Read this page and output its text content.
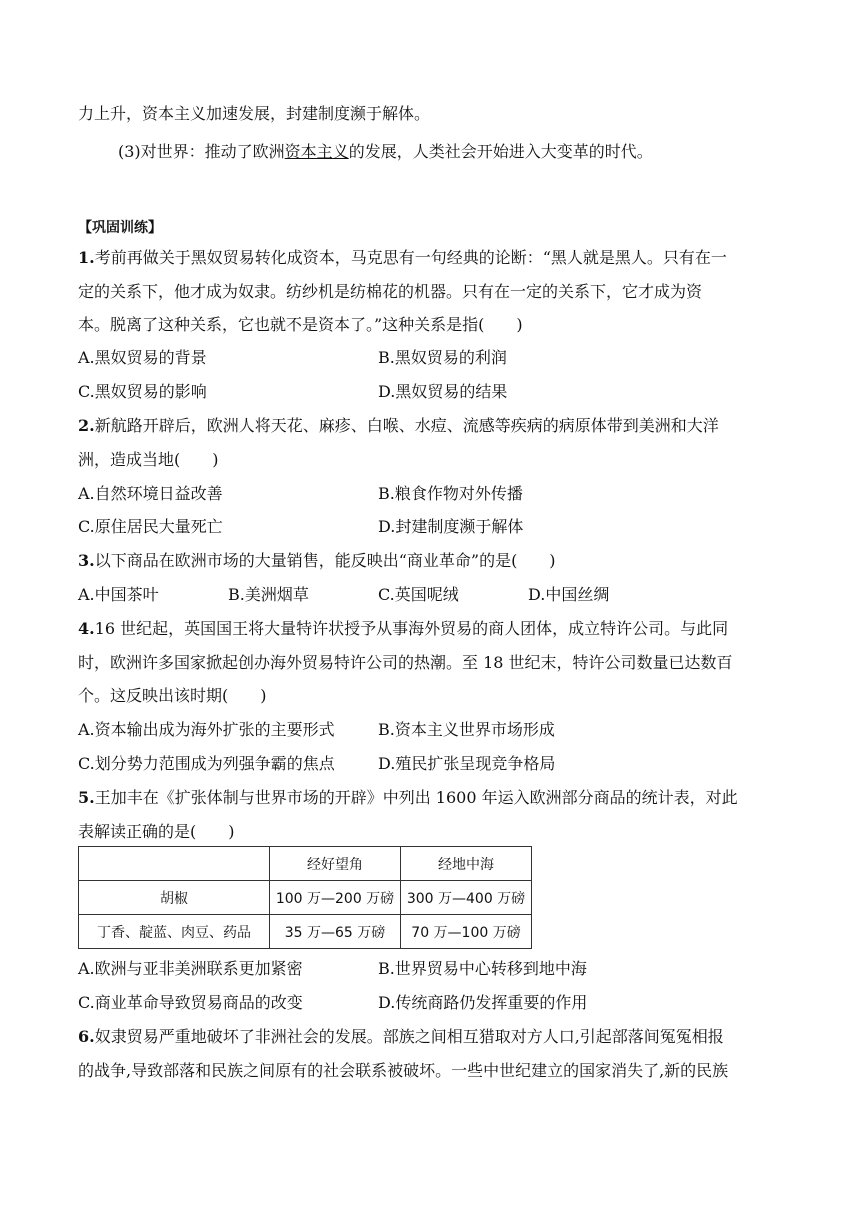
力上升，资本主义加速发展，封建制度濒于解体。
(3)对世界：推动了欧洲资本主义的发展，人类社会开始进入大变革的时代。
【巩固训练】
1.考前再做关于黑奴贸易转化成资本，马克思有一句经典的论断：“黑人就是黑人。只有在一
定的关系下，他才成为奴隶。纺纱机是纺棉花的机器。只有在一定的关系下，它才成为资
本。脱离了这种关系，它也就不是资本了。”这种关系是指(　　)
A.黑奴贸易的背景	B.黑奴贸易的利润
C.黑奴贸易的影响	D.黑奴贸易的结果
2.新航路开辟后，欧洲人将天花、麻疹、白喉、水痘、流感等疾病的病原体带到美洲和大洋
洲，造成当地(　　)
A.自然环境日益改善	B.粮食作物对外传播
C.原住居民大量死亡	D.封建制度濒于解体
3.以下商品在欧洲市场的大量销售，能反映出“商业革命”的是(　　)
A.中国茶叶	B.美洲烟草	C.英国呢绒	D.中国丝绸
4.16 世纪起，英国国王将大量特许状授予从事海外贸易的商人团体，成立特许公司。与此同
时，欧洲许多国家掀起创办海外贸易特许公司的热潮。至 18 世纪末，特许公司数量已达数百
个。这反映出该时期(　　)
A.资本输出成为海外扩张的主要形式	B.资本主义世界市场形成
C.划分势力范围成为列强争霸的焦点	D.殖民扩张呈现竞争格局
5.王加丰在《扩张体制与世界市场的开辟》中列出 1600 年运入欧洲部分商品的统计表，对此
表解读正确的是(　　)
	经好望角	经地中海
胡椒	100 万—200 万磅	300 万—400 万磅
丁香、靛蓝、肉豆、药品	35 万—65 万磅	70 万—100 万磅
A.欧洲与亚非美洲联系更加紧密	B.世界贸易中心转移到地中海
C.商业革命导致贸易商品的改变	D.传统商路仍发挥重要的作用
6.奴隶贸易严重地破坏了非洲社会的发展。部族之间相互猎取对方人口,引起部落间冤冤相报
的战争,导致部落和民族之间原有的社会联系被破坏。一些中世纪建立的国家消失了,新的民族
